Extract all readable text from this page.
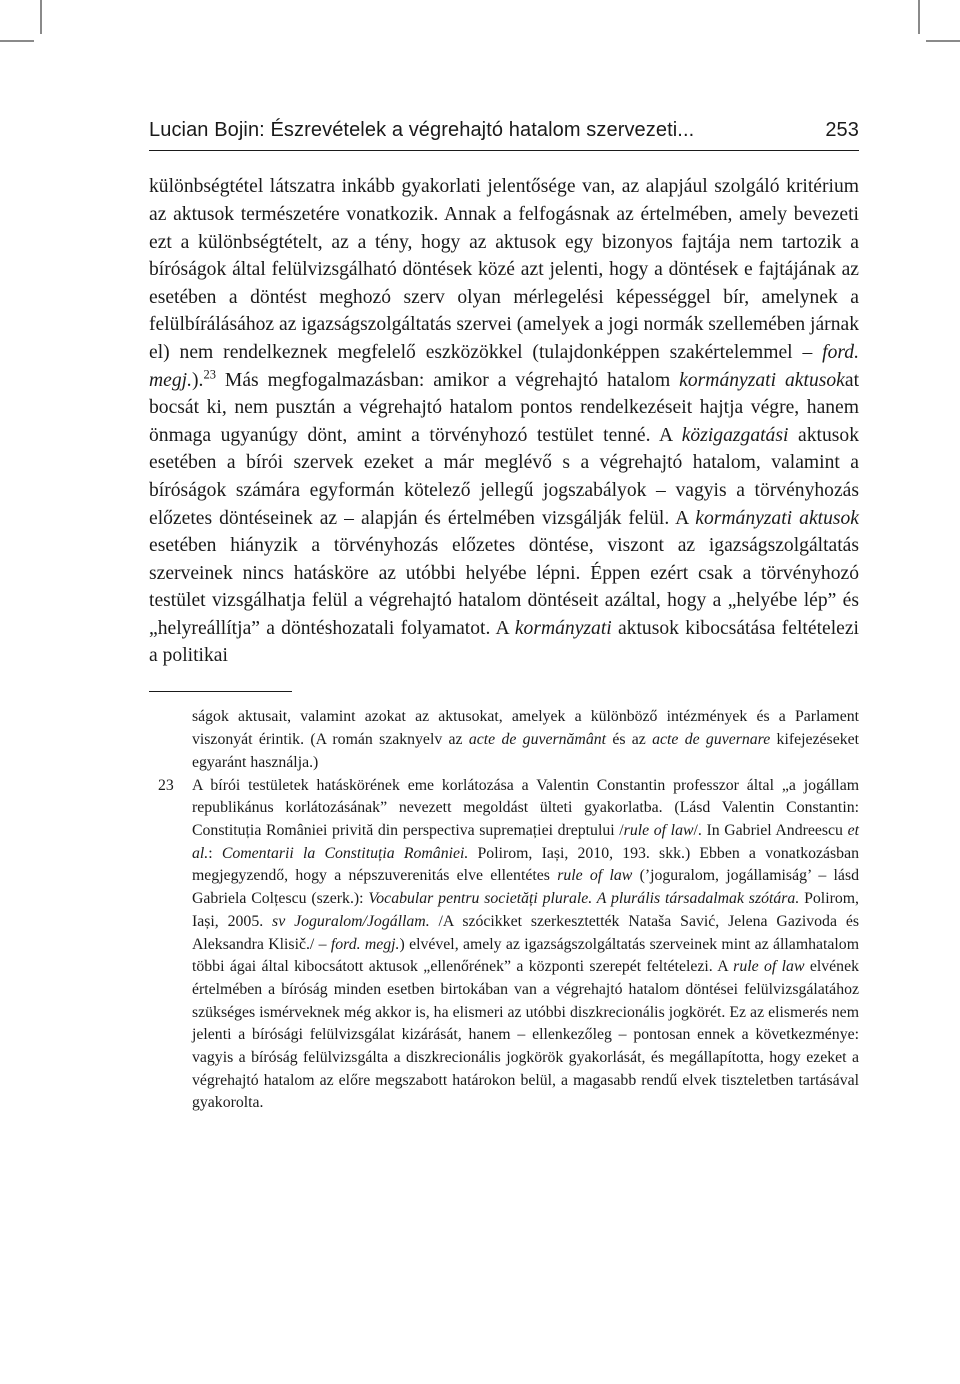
Lucian Bojin: Észrevételek a végrehajtó hatalom szervezeti...	253

különbségtétel látszatra inkább gyakorlati jelentősége van, az alapjául szolgáló kritérium az aktusok természetére vonatkozik. Annak a felfogásnak az értelmében, amely bevezeti ezt a különbségtételt, az a tény, hogy az aktusok egy bizonyos fajtája nem tartozik a bíróságok által felülvizsgálható döntések közé azt jelenti, hogy a döntések e fajtájának az esetében a döntést meghozó szerv olyan mérlegelési képességgel bír, amelynek a felülbírálásához az igazságszolgáltatás szervei (amelyek a jogi normák szellemében járnak el) nem rendelkeznek megfelelő eszközökkel (tulajdonképpen szakértelemmel – ford. megj.).$^{23}$ Más megfogalmazásban: amikor a végrehajtó hatalom kormányzati aktusokat bocsát ki, nem pusztán a végrehajtó hatalom pontos rendelkezéseit hajtja végre, hanem önmaga ugyanúgy dönt, amint a törvényhozó testület tenné. A közigazgatási aktusok esetében a bírói szervek ezeket a már meglévő s a végrehajtó hatalom, valamint a bíróságok számára egyformán kötelező jellegű jogszabályok – vagyis a törvényhozás előzetes döntéseinek az – alapján és értelmében vizsgálják felül. A kormányzati aktusok esetében hiányzik a törvényhozás előzetes döntése, viszont az igazságszolgáltatás szerveinek nincs hatásköre az utóbbi helyébe lépni. Éppen ezért csak a törvényhozó testület vizsgálhatja felül a végrehajtó hatalom döntéseit azáltal, hogy a „helyébe lép” és „helyreállítja” a döntéshozatali folyamatot. A kormányzati aktusok kibocsátása feltételezi a politikai

ságok aktusait, valamint azokat az aktusokat, amelyek a különböző intézmények és a Parlament viszonyát érintik. (A román szaknyelv az acte de guvernământ és az acte de guvernare kifejezéseket egyaránt használja.)

23 A bírói testületek hatáskörének eme korlátozása a Valentin Constantin professzor által „a jogállam republikánus korlátozásának” nevezett megoldást ülteti gyakorlatba. (Lásd Valentin Constantin: Constituția României privită din perspectiva supremației dreptului /rule of law/. In Gabriel Andreescu et al.: Comentarii la Constituția României. Polirom, Iași, 2010, 193. skk.) Ebben a vonatkozásban megjegyzendő, hogy a népszuverenitás elve ellentétes rule of law (’joguralom, jogállamiság’ – lásd Gabriela Colțescu (szerk.): Vocabular pentru societăți plurale. A plurális társadalmak szótára. Polirom, Iași, 2005. sv Joguralom/Jogállam. /A szócikket szerkesztették Nataša Savić, Jelena Gazivoda és Aleksandra Klisič./ – ford. megj.) elvével, amely az igazságszolgáltatás szerveinek mint az államhatalom többi ágai által kibocsátott aktusok „ellenőrének” a központi szerepét feltételezi. A rule of law elvének értelmében a bíróság minden esetben birtokában van a végrehajtó hatalom döntései felülvizsgálatához szükséges ismérveknek még akkor is, ha elismeri az utóbbi diszkrecionális jogkörét. Ez az elismerés nem jelenti a bírósági felülvizsgálat kizárását, hanem – ellenkezőleg – pontosan ennek a következménye: vagyis a bíróság felülvizsgálta a diszkrecionális jogkörök gyakorlását, és megállapította, hogy ezeket a végrehajtó hatalom az előre megszabott határokon belül, a magasabb rendű elvek tiszteletben tartásával gyakorolta.
